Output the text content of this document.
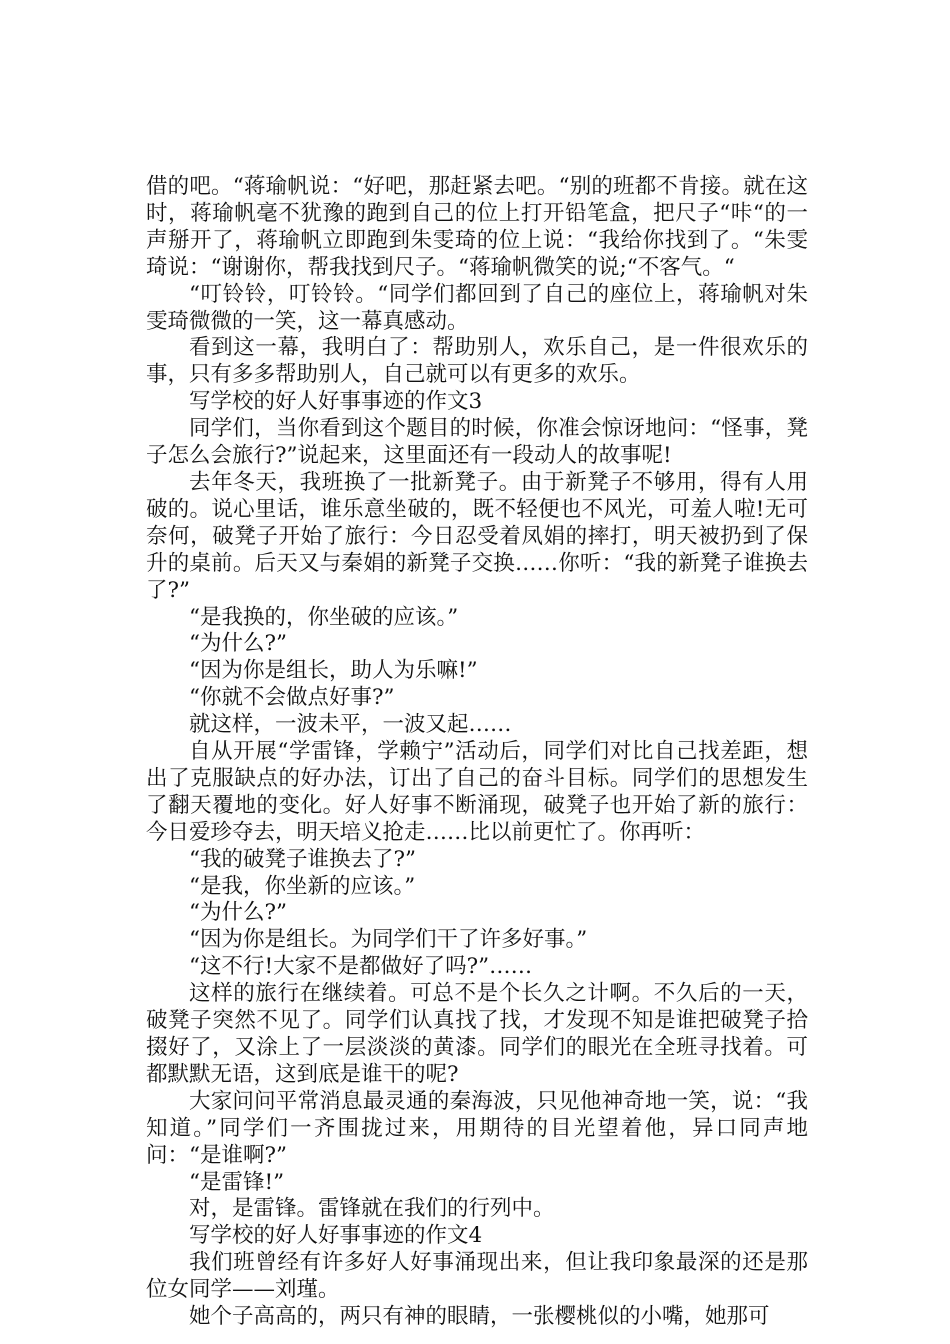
借的吧。“蒋瑜帆说：“好吧，那赶紧去吧。“别的班都不肯接。就在这时，蒋瑜帆毫不犹豫的跑到自己的位上打开铅笔盒，把尺子“咔“的一声掰开了，蒋瑜帆立即跑到朱雯琦的位上说：“我给你找到了。“朱雯琦说：“谢谢你，帮我找到尺子。“蒋瑜帆微笑的说;“不客气。“

“叮铃铃，叮铃铃。“同学们都回到了自己的座位上，蒋瑜帆对朱雯琦微微的一笑，这一幕真感动。

看到这一幕，我明白了：帮助别人，欢乐自己，是一件很欢乐的事，只有多多帮助别人，自己就可以有更多的欢乐。

写学校的好人好事事迹的作文3

同学们，当你看到这个题目的时候，你准会惊讶地问：“怪事，凳子怎么会旅行?”说起来，这里面还有一段动人的故事呢!

去年冬天，我班换了一批新凳子。由于新凳子不够用，得有人用破的。说心里话，谁乐意坐破的，既不轻便也不风光，可羞人啦!无可奈何，破凳子开始了旅行：今日忍受着凤娟的摔打，明天被扔到了保升的桌前。后天又与秦娟的新凳子交换……你听：“我的新凳子谁换去了?”

“是我换的，你坐破的应该。”

“为什么?”

“因为你是组长，助人为乐嘛!”

“你就不会做点好事?”

就这样，一波未平，一波又起……

自从开展“学雷锋，学赖宁”活动后，同学们对比自己找差距，想出了克服缺点的好办法，订出了自己的奋斗目标。同学们的思想发生了翻天覆地的变化。好人好事不断涌现，破凳子也开始了新的旅行：今日爱珍夺去，明天培义抢走……比以前更忙了。你再听：

“我的破凳子谁换去了?”

“是我，你坐新的应该。”

“为什么?”

“因为你是组长。为同学们干了许多好事。”

“这不行!大家不是都做好了吗?”……

这样的旅行在继续着。可总不是个长久之计啊。不久后的一天，破凳子突然不见了。同学们认真找了找，才发现不知是谁把破凳子拾掇好了，又涂上了一层淡淡的黄漆。同学们的眼光在全班寻找着。可都默默无语，这到底是谁干的呢?

大家问问平常消息最灵通的秦海波，只见他神奇地一笑，说：“我知道。”同学们一齐围拢过来，用期待的目光望着他，异口同声地问：“是谁啊?”

“是雷锋!”

对，是雷锋。雷锋就在我们的行列中。

写学校的好人好事事迹的作文4

我们班曾经有许多好人好事涌现出来，但让我印象最深的还是那位女同学——刘瑾。

她个子高高的，两只有神的眼睛，一张樱桃似的小嘴，她那可
